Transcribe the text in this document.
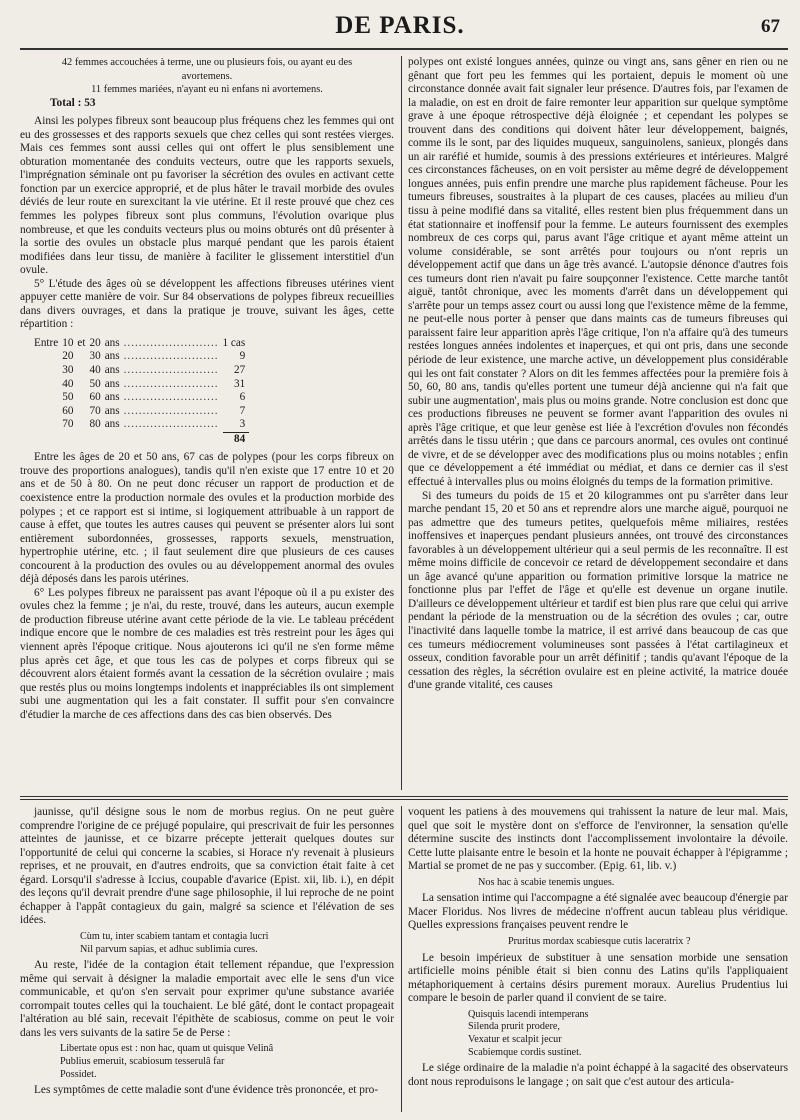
DE PARIS.	67

42 femmes accouchées à terme, une ou plusieurs fois, ou ayant eu des avortemens.

11 femmes mariées, n'ayant eu ni enfans ni avortemens.

Total : 53

Ainsi les polypes fibreux sont beaucoup plus fréquens chez les femmes qui ont eu des grossesses et des rapports sexuels que chez celles qui sont restées vierges. Mais ces femmes sont aussi celles qui ont offert le plus sensiblement une obturation momentanée des conduits vecteurs, outre que les rapports sexuels, l'imprégnation séminale ont pu favoriser la sécrétion des ovules en activant cette fonction par un exercice approprié, et de plus hâter le travail morbide des ovules déviés de leur route en surexcitant la vie utérine. Et il reste prouvé que chez ces femmes les polypes fibreux sont plus communs, l'évolution ovarique plus nombreuse, et que les conduits vecteurs plus ou moins obturés ont dû présenter à la sortie des ovules un obstacle plus marqué pendant que les parois étaient modifiées dans leur tissu, de manière à faciliter le glissement interstitiel d'un ovule.

5° L'étude des âges où se développent les affections fibreuses utérines vient appuyer cette manière de voir. Sur 84 observations de polypes fibreux recueillies dans divers ouvrages, et dans la pratique je trouve, suivant les âges, cette répartition :

Entre	10	et	20	ans	.........................	1 cas
	20		30	ans	.........................	9
	30		40	ans	.........................	27
	40		50	ans	.........................	31
	50		60	ans	.........................	6
	60		70	ans	.........................	7
	70		80	ans	.........................	3
						84

Entre les âges de 20 et 50 ans, 67 cas de polypes (pour les corps fibreux on trouve des proportions analogues), tandis qu'il n'en existe que 17 entre 10 et 20 ans et de 50 à 80. On ne peut donc récuser un rapport de production et de coexistence entre la production normale des ovules et la production morbide des polypes ; et ce rapport est si intime, si logiquement attribuable à un rapport de cause à effet, que toutes les autres causes qui peuvent se présenter alors lui sont entièrement subordonnées, grossesses, rapports sexuels, menstruation, hypertrophie utérine, etc. ; il faut seulement dire que plusieurs de ces causes concourent à la production des ovules ou au développement anormal des ovules déjà déposés dans les parois utérines.

6° Les polypes fibreux ne paraissent pas avant l'époque où il a pu exister des ovules chez la femme ; je n'ai, du reste, trouvé, dans les auteurs, aucun exemple de production fibreuse utérine avant cette période de la vie. Le tableau précédent indique encore que le nombre de ces maladies est très restreint pour les âges qui viennent après l'époque critique. Nous ajouterons ici qu'il ne s'en forme même plus après cet âge, et que tous les cas de polypes et corps fibreux qui se découvrent alors étaient formés avant la cessation de la sécrétion ovulaire ; mais que restés plus ou moins longtemps indolents et inappréciables ils ont simplement subi une augmentation qui les a fait constater. Il suffit pour s'en convaincre d'étudier la marche de ces affections dans des cas bien observés. Des

polypes ont existé longues années, quinze ou vingt ans, sans gêner en rien ou ne gênant que fort peu les femmes qui les portaient, depuis le moment où une circonstance donnée avait fait signaler leur présence. D'autres fois, par l'examen de la maladie, on est en droit de faire remonter leur apparition sur quelque symptôme grave à une époque rétrospective déjà éloignée ; et cependant les polypes se trouvent dans des conditions qui doivent hâter leur développement, baignés, comme ils le sont, par des liquides muqueux, sanguinolens, sanieux, plongés dans un air raréfié et humide, soumis à des pressions extérieures et intérieures. Malgré ces circonstances fâcheuses, on en voit persister au même degré de développement longues années, puis enfin prendre une marche plus rapidement fâcheuse. Pour les tumeurs fibreuses, soustraites à la plupart de ces causes, placées au milieu d'un tissu à peine modifié dans sa vitalité, elles restent bien plus fréquemment dans un état stationnaire et inoffensif pour la femme. Le auteurs fournissent des exemples nombreux de ces corps qui, parus avant l'âge critique et ayant même atteint un volume considérable, se sont arrêtés pour toujours ou n'ont repris un développement actif que dans un âge très avancé. L'autopsie dénonce d'autres fois ces tumeurs dont rien n'avait pu faire soupçonner l'existence. Cette marche tantôt aiguë, tantôt chronique, avec les moments d'arrêt dans un développement qui s'arrête pour un temps assez court ou aussi long que l'existence même de la femme, ne peut-elle nous porter à penser que dans maints cas de tumeurs fibreuses qui paraissent faire leur apparition après l'âge critique, l'on n'a affaire qu'à des tumeurs restées longues années indolentes et inaperçues, et qui ont pris, dans une seconde période de leur existence, une marche active, un développement plus considérable qui les ont fait constater ? Alors on dit les femmes affectées pour la première fois à 50, 60, 80 ans, tandis qu'elles portent une tumeur déjà ancienne qui n'a fait que subir une augmentation', mais plus ou moins grande. Notre conclusion est donc que ces productions fibreuses ne peuvent se former avant l'apparition des ovules ni après l'âge critique, et que leur genèse est liée à l'excrétion d'ovules non fécondés arrêtés dans le tissu utérin ; que dans ce parcours anormal, ces ovules ont continué de vivre, et de se développer avec des modifications plus ou moins notables ; enfin que ce développement a été immédiat ou médiat, et dans ce dernier cas il s'est effectué à intervalles plus ou moins éloignés du temps de la formation primitive.

Si des tumeurs du poids de 15 et 20 kilogrammes ont pu s'arrêter dans leur marche pendant 15, 20 et 50 ans et reprendre alors une marche aiguë, pourquoi ne pas admettre que des tumeurs petites, quelquefois même miliaires, restées inoffensives et inaperçues pendant plusieurs années, ont trouvé des circonstances favorables à un développement ultérieur qui a seul permis de les reconnaître. Il est même moins difficile de concevoir ce retard de développement secondaire et dans un âge avancé qu'une apparition ou formation primitive lorsque la matrice ne fonctionne plus par l'effet de l'âge et qu'elle est devenue un organe inutile. D'ailleurs ce développement ultérieur et tardif est bien plus rare que celui qui arrive pendant la période de la menstruation ou de la sécrétion des ovules ; car, outre l'inactivité dans laquelle tombe la matrice, il est arrivé dans beaucoup de cas que ces tumeurs médiocrement volumineuses sont passées à l'état cartilagineux et osseux, condition favorable pour un arrêt définitif ; tandis qu'avant l'époque de la cessation des règles, la sécrétion ovulaire est en pleine activité, la matrice douée d'une grande vitalité, ces causes

jaunisse, qu'il désigne sous le nom de morbus regius. On ne peut guère comprendre l'origine de ce préjugé populaire, qui prescrivait de fuir les personnes atteintes de jaunisse, et ce bizarre précepte jetterait quelques doutes sur l'opportunité de celui qui concerne la scabies, si Horace n'y revenait à plusieurs reprises, et ne prouvait, en d'autres endroits, que sa conviction était faite à cet égard. Lorsqu'il s'adresse à Iccius, coupable d'avarice (Epist. xii, lib. i.), en dépit des leçons qu'il devrait prendre d'une sage philosophie, il lui reproche de ne point échapper à l'appât contagieux du gain, malgré sa science et l'élévation de ses idées.

Cùm tu, inter scabiem tantam et contagia lucri
Nil parvum sapias, et adhuc sublimia cures.

Au reste, l'idée de la contagion était tellement répandue, que l'expression même qui servait à désigner la maladie emportait avec elle le sens d'un vice communicable, et qu'on s'en servait pour exprimer qu'une substance avariée corrompait toutes celles qui la touchaient. Le blé gâté, dont le contact propageait l'altération au blé sain, recevait l'épithète de scabiosus, comme on peut le voir dans les vers suivants de la satire 5e de Perse :

Libertate opus est : non hac, quam ut quisque Velinâ
Publius emeruit, scabiosum tesserulâ far
Possidet.

Les symptômes de cette maladie sont d'une évidence très prononcée, et pro-

voquent les patiens à des mouvemens qui trahissent la nature de leur mal. Mais, quel que soit le mystère dont on s'efforce de l'environner, la sensation qu'elle détermine suscite des instincts dont l'accomplissement involontaire la dévoile. Cette lutte plaisante entre le besoin et la honte ne pouvait échapper à l'épigramme ; Martial se promet de ne pas y succomber. (Epig. 61, lib. v.)

Nos hac à scabie tenemis ungues.

La sensation intime qui l'accompagne a été signalée avec beaucoup d'énergie par Macer Floridus. Nos livres de médecine n'offrent aucun tableau plus véridique. Quelles expressions françaises peuvent rendre le

Pruritus mordax scabiesque cutis laceratrix ?

Le besoin impérieux de substituer à une sensation morbide une sensation artificielle moins pénible était si bien connu des Latins qu'ils l'appliquaient métaphoriquement à certains désirs purement moraux. Aurelius Prudentius lui compare le besoin de parler quand il convient de se taire.

Quisquis lacendi intemperans
Silenda prurit prodere,
Vexatur et scalpit jecur
Scabiemque cordis sustinet.

Le siége ordinaire de la maladie n'a point échappé à la sagacité des observateurs dont nous reproduisons le langage ; on sait que c'est autour des articula-
